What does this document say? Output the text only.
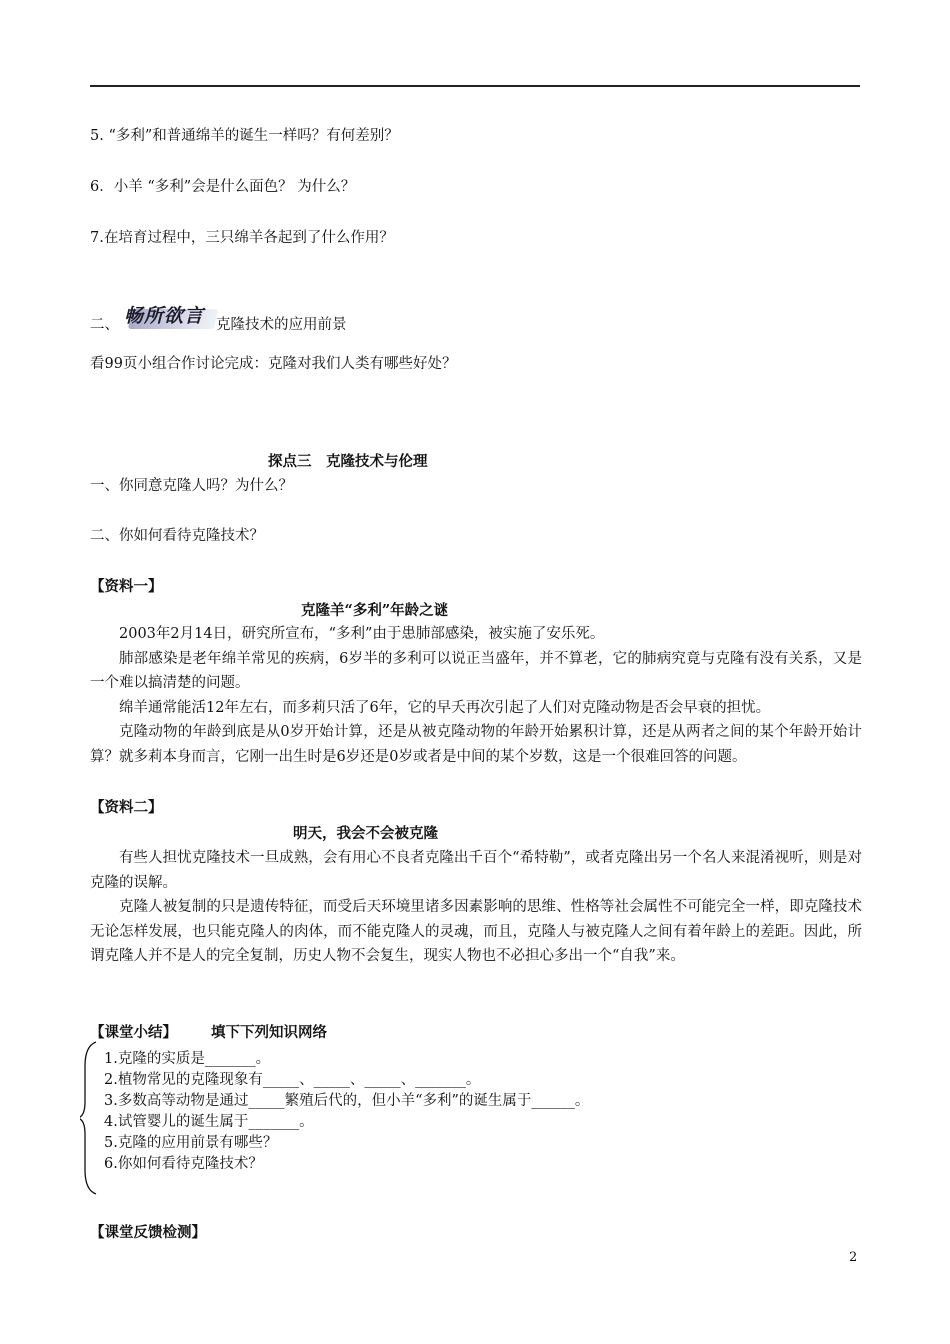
5. “多利”和普通绵羊的诞生一样吗？有何差别？
6．小羊 “多利”会是什么面色？ 为什么？
7.在培育过程中，三只绵羊各起到了什么作用？
二、 畅所欲言 克隆技术的应用前景
看99页小组合作讨论完成：克隆对我们人类有哪些好处？
探点三　克隆技术与伦理
一、你同意克隆人吗？为什么？
二、你如何看待克隆技术？
【资料一】
克隆羊“多利”年龄之谜

2003年2月14日，研究所宣布，“多利”由于患肺部感染，被实施了安乐死。

肺部感染是老年绵羊常见的疾病，6岁半的多利可以说正当盛年，并不算老，它的肺病究竟与克隆有没有关系，又是一个难以搞清楚的问题。

绵羊通常能活12年左右，而多莉只活了6年，它的早夭再次引起了人们对克隆动物是否会早衰的担忧。

克隆动物的年龄到底是从0岁开始计算，还是从被克隆动物的年龄开始累积计算，还是从两者之间的某个年龄开始计算？就多莉本身而言，它刚一出生时是6岁还是0岁或者是中间的某个岁数，这是一个很难回答的问题。

【资料二】
明天，我会不会被克隆

有些人担忧克隆技术一旦成熟，会有用心不良者克隆出千百个“希特勒”，或者克隆出另一个名人来混淆视听，则是对克隆的误解。

克隆人被复制的只是遗传特征，而受后天环境里诸多因素影响的思维、性格等社会属性不可能完全一样，即克隆技术无论怎样发展，也只能克隆人的肉体，而不能克隆人的灵魂，而且，克隆人与被克隆人之间有着年龄上的差距。因此，所谓克隆人并不是人的完全复制，历史人物不会复生，现实人物也不必担心多出一个“自我”来。

【课堂小结】 填下下列知识网络
1.克隆的实质是_______。
2.植物常见的克隆现象有_____、_____、_____、_______。
3.多数高等动物是通过_____繁殖后代的，但小羊“多利”的诞生属于______。
4.试管婴儿的诞生属于_______。
5.克隆的应用前景有哪些？
6.你如何看待克隆技术？
【课堂反馈检测】
2
